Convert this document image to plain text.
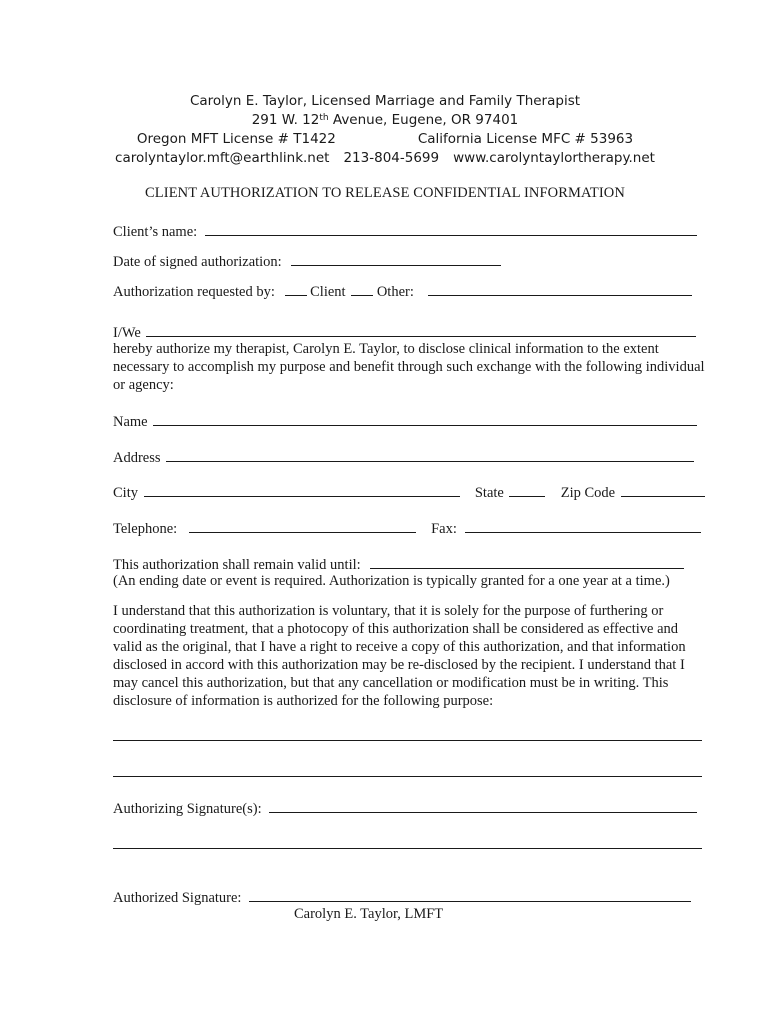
Carolyn E. Taylor, Licensed Marriage and Family Therapist
291 W. 12th Avenue, Eugene, OR 97401
Oregon MFT License # T1422	California License MFC # 53963
carolyntaylor.mft@earthlink.net 213-804-5699 www.carolyntaylortherapy.net
CLIENT AUTHORIZATION TO RELEASE CONFIDENTIAL INFORMATION
Client’s name:
Date of signed authorization:
Authorization requested by: Client Other:
I/We
hereby authorize my therapist, Carolyn E. Taylor, to disclose clinical information to the extent necessary to accomplish my purpose and benefit through such exchange with the following individual or agency:
Name
Address
City	State	Zip Code
Telephone:	Fax:
This authorization shall remain valid until:
(An ending date or event is required. Authorization is typically granted for a one year at a time.)
I understand that this authorization is voluntary, that it is solely for the purpose of furthering or coordinating treatment, that a photocopy of this authorization shall be considered as effective and valid as the original, that I have a right to receive a copy of this authorization, and that information disclosed in accord with this authorization may be re-disclosed by the recipient. I understand that I may cancel this authorization, but that any cancellation or modification must be in writing. This disclosure of information is authorized for the following purpose:
Authorizing Signature(s):
Authorized Signature:
Carolyn E. Taylor, LMFT
